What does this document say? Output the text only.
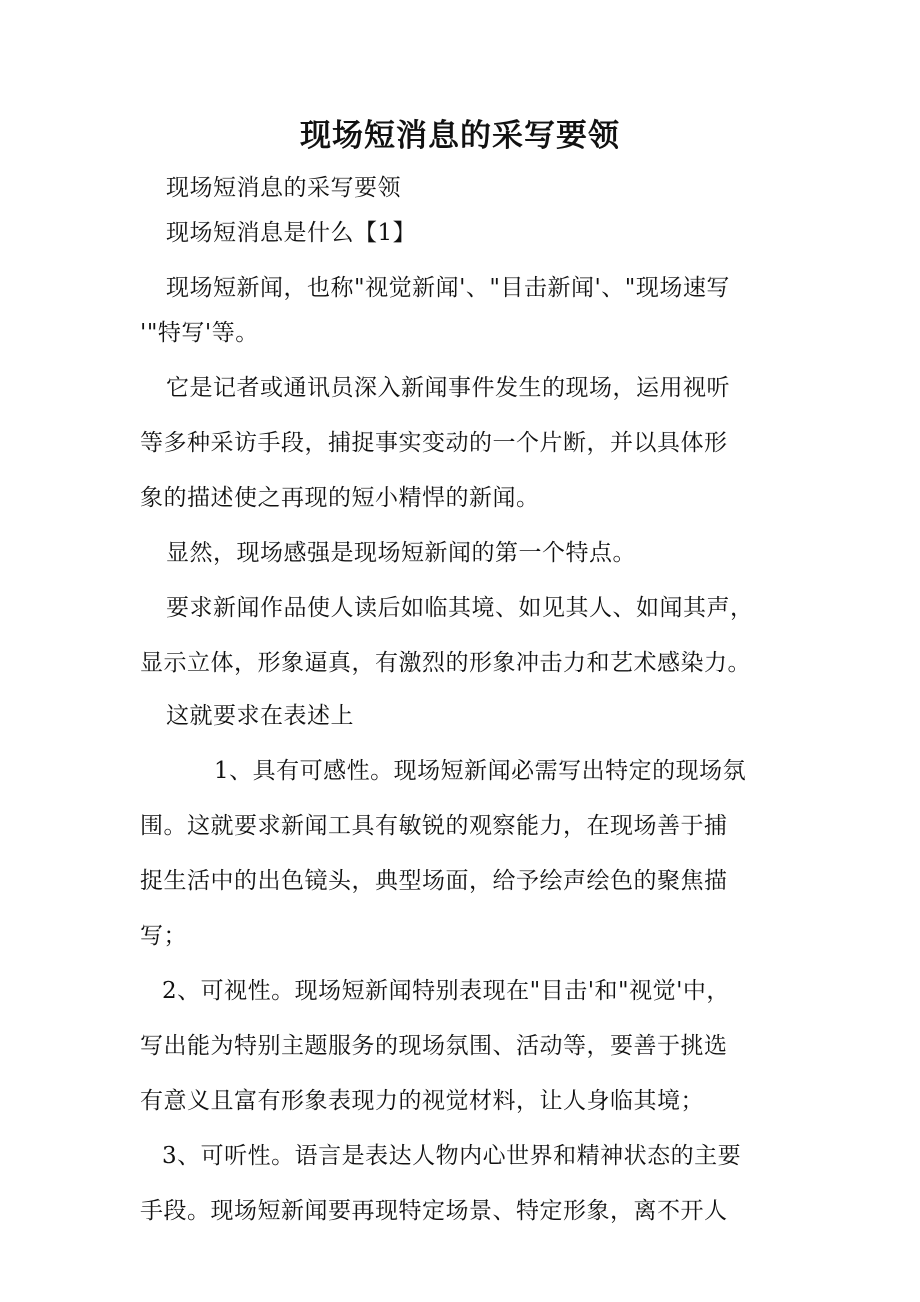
现场短消息的采写要领
现场短消息的采写要领
现场短消息是什么【1】
现场短新闻，也称"视觉新闻'、"目击新闻'、"现场速写
'"特写'等。
它是记者或通讯员深入新闻事件发生的现场，运用视听
等多种采访手段，捕捉事实变动的一个片断，并以具体形
象的描述使之再现的短小精悍的新闻。
显然，现场感强是现场短新闻的第一个特点。
要求新闻作品使人读后如临其境、如见其人、如闻其声，
显示立体，形象逼真，有激烈的形象冲击力和艺术感染力。
这就要求在表述上
1、具有可感性。现场短新闻必需写出特定的现场氛
围。这就要求新闻工具有敏锐的观察能力，在现场善于捕
捉生活中的出色镜头，典型场面，给予绘声绘色的聚焦描
写；
2、可视性。现场短新闻特别表现在"目击'和"视觉'中，
写出能为特别主题服务的现场氛围、活动等，要善于挑选
有意义且富有形象表现力的视觉材料，让人身临其境；
3、可听性。语言是表达人物内心世界和精神状态的主要
手段。现场短新闻要再现特定场景、特定形象，离不开人
